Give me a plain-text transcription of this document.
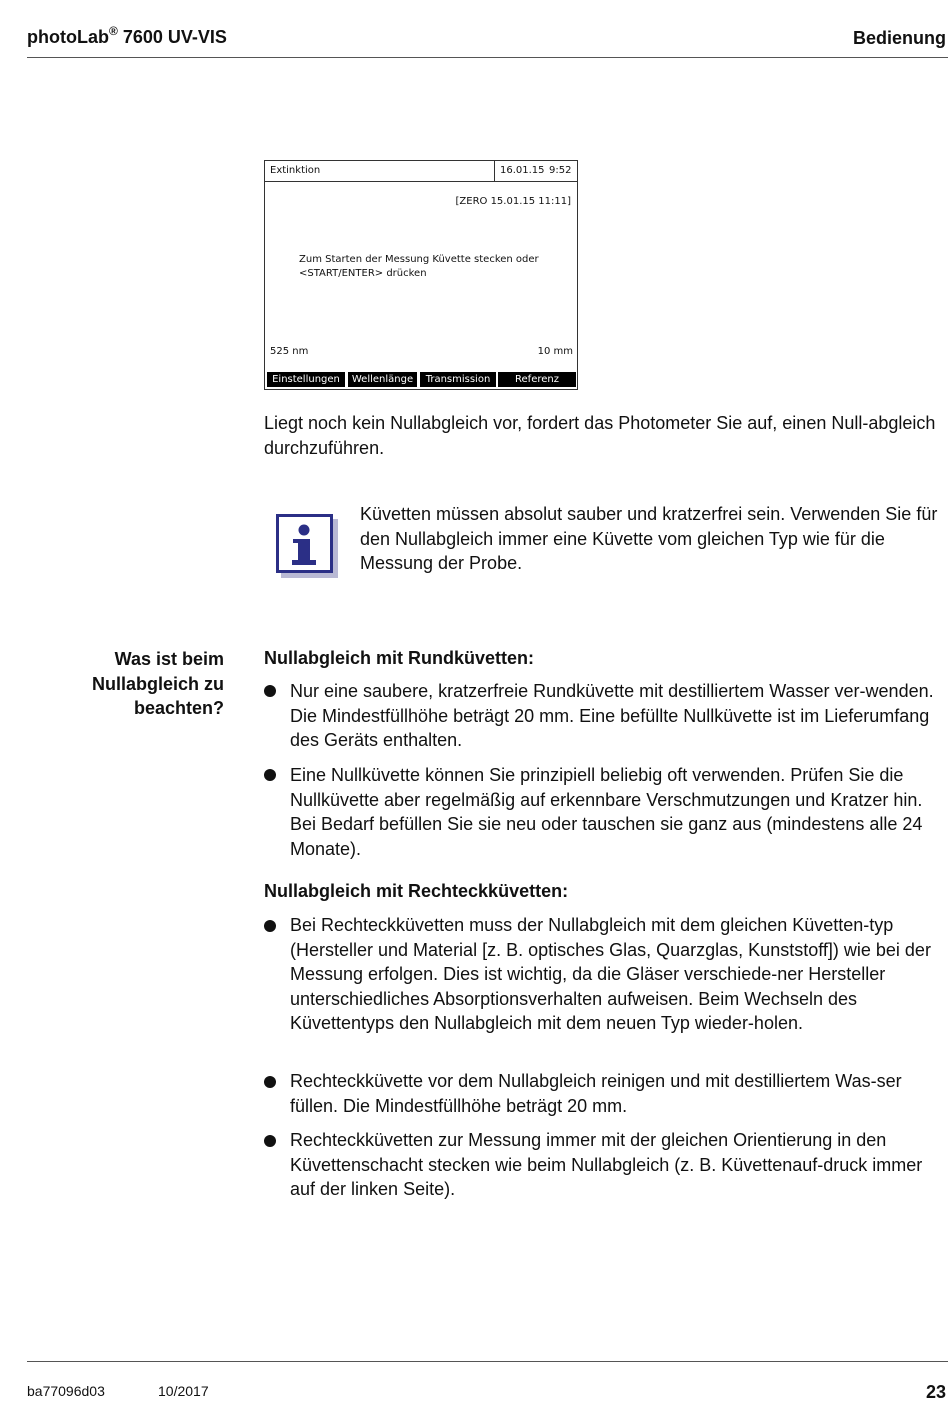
photoLab® 7600 UV-VIS	Bedienung
Extinktion	16.01.15 9:52
[ZERO 15.01.15 11:11]
Zum Starten der Messung Küvette stecken oder
<START/ENTER> drücken
525 nm	10 mm
Einstellungen	Wellenlänge	Transmission	Referenz
Liegt noch kein Nullabgleich vor, fordert das Photometer Sie auf, einen Null-abgleich durchzuführen.
Küvetten müssen absolut sauber und kratzerfrei sein. Verwenden Sie für den Nullabgleich immer eine Küvette vom gleichen Typ wie für die Messung der Probe.
Was ist beim Nullabgleich zu beachten?
Nullabgleich mit Rundküvetten:
Nur eine saubere, kratzerfreie Rundküvette mit destilliertem Wasser ver-wenden. Die Mindestfüllhöhe beträgt 20 mm. Eine befüllte Nullküvette ist im Lieferumfang des Geräts enthalten.
Eine Nullküvette können Sie prinzipiell beliebig oft verwenden. Prüfen Sie die Nullküvette aber regelmäßig auf erkennbare Verschmutzungen und Kratzer hin. Bei Bedarf befüllen Sie sie neu oder tauschen sie ganz aus (mindestens alle 24 Monate).
Nullabgleich mit Rechteckküvetten:
Bei Rechteckküvetten muss der Nullabgleich mit dem gleichen Küvetten-typ (Hersteller und Material [z. B. optisches Glas, Quarzglas, Kunststoff]) wie bei der Messung erfolgen. Dies ist wichtig, da die Gläser verschiede-ner Hersteller unterschiedliches Absorptionsverhalten aufweisen. Beim Wechseln des Küvettentyps den Nullabgleich mit dem neuen Typ wieder-holen.
Rechteckküvette vor dem Nullabgleich reinigen und mit destilliertem Was-ser füllen. Die Mindestfüllhöhe beträgt 20 mm.
Rechteckküvetten zur Messung immer mit der gleichen Orientierung in den Küvettenschacht stecken wie beim Nullabgleich (z. B. Küvettenauf-druck immer auf der linken Seite).
ba77096d03	10/2017	23
